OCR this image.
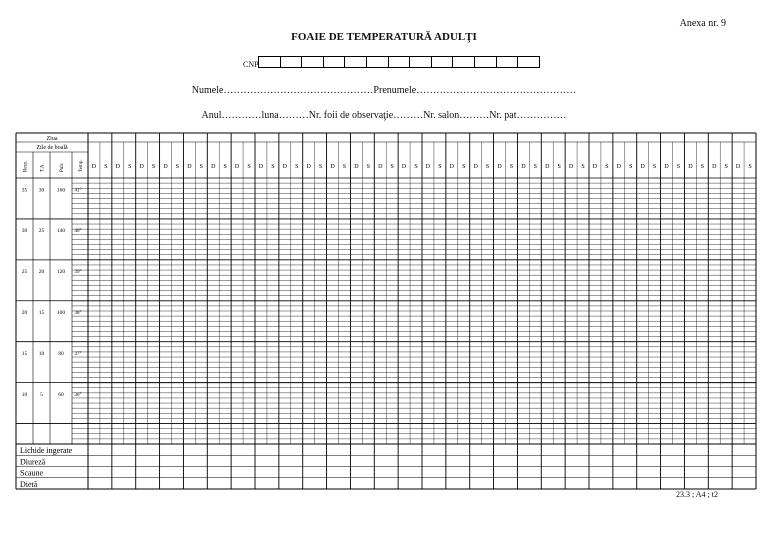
Anexa nr. 9
FOAIE DE TEMPERATURĂ ADULŢI
CNP
Numele………………………………………Prenumele…………………………………………
Anul…………luna………Nr. foii de observaţie………Nr. salon………Nr. pat……………
D S D S D S D S D S D S D S D S D S D S D S D S D S D S D S D S D S D S D S D S D S D S D S D S D S D S D S D S
Ziua
Zile de boală
Resp. T.A.	Puls	Temp.
35 30 160 41°
30 25 140 40°
25 20 120 39°
20 15 100 38°
15 10	80 37°
10 5	60 36°
Lichide ingerate
Diureză
Scaune
Dietă
23.3 ; A4 ; t2
